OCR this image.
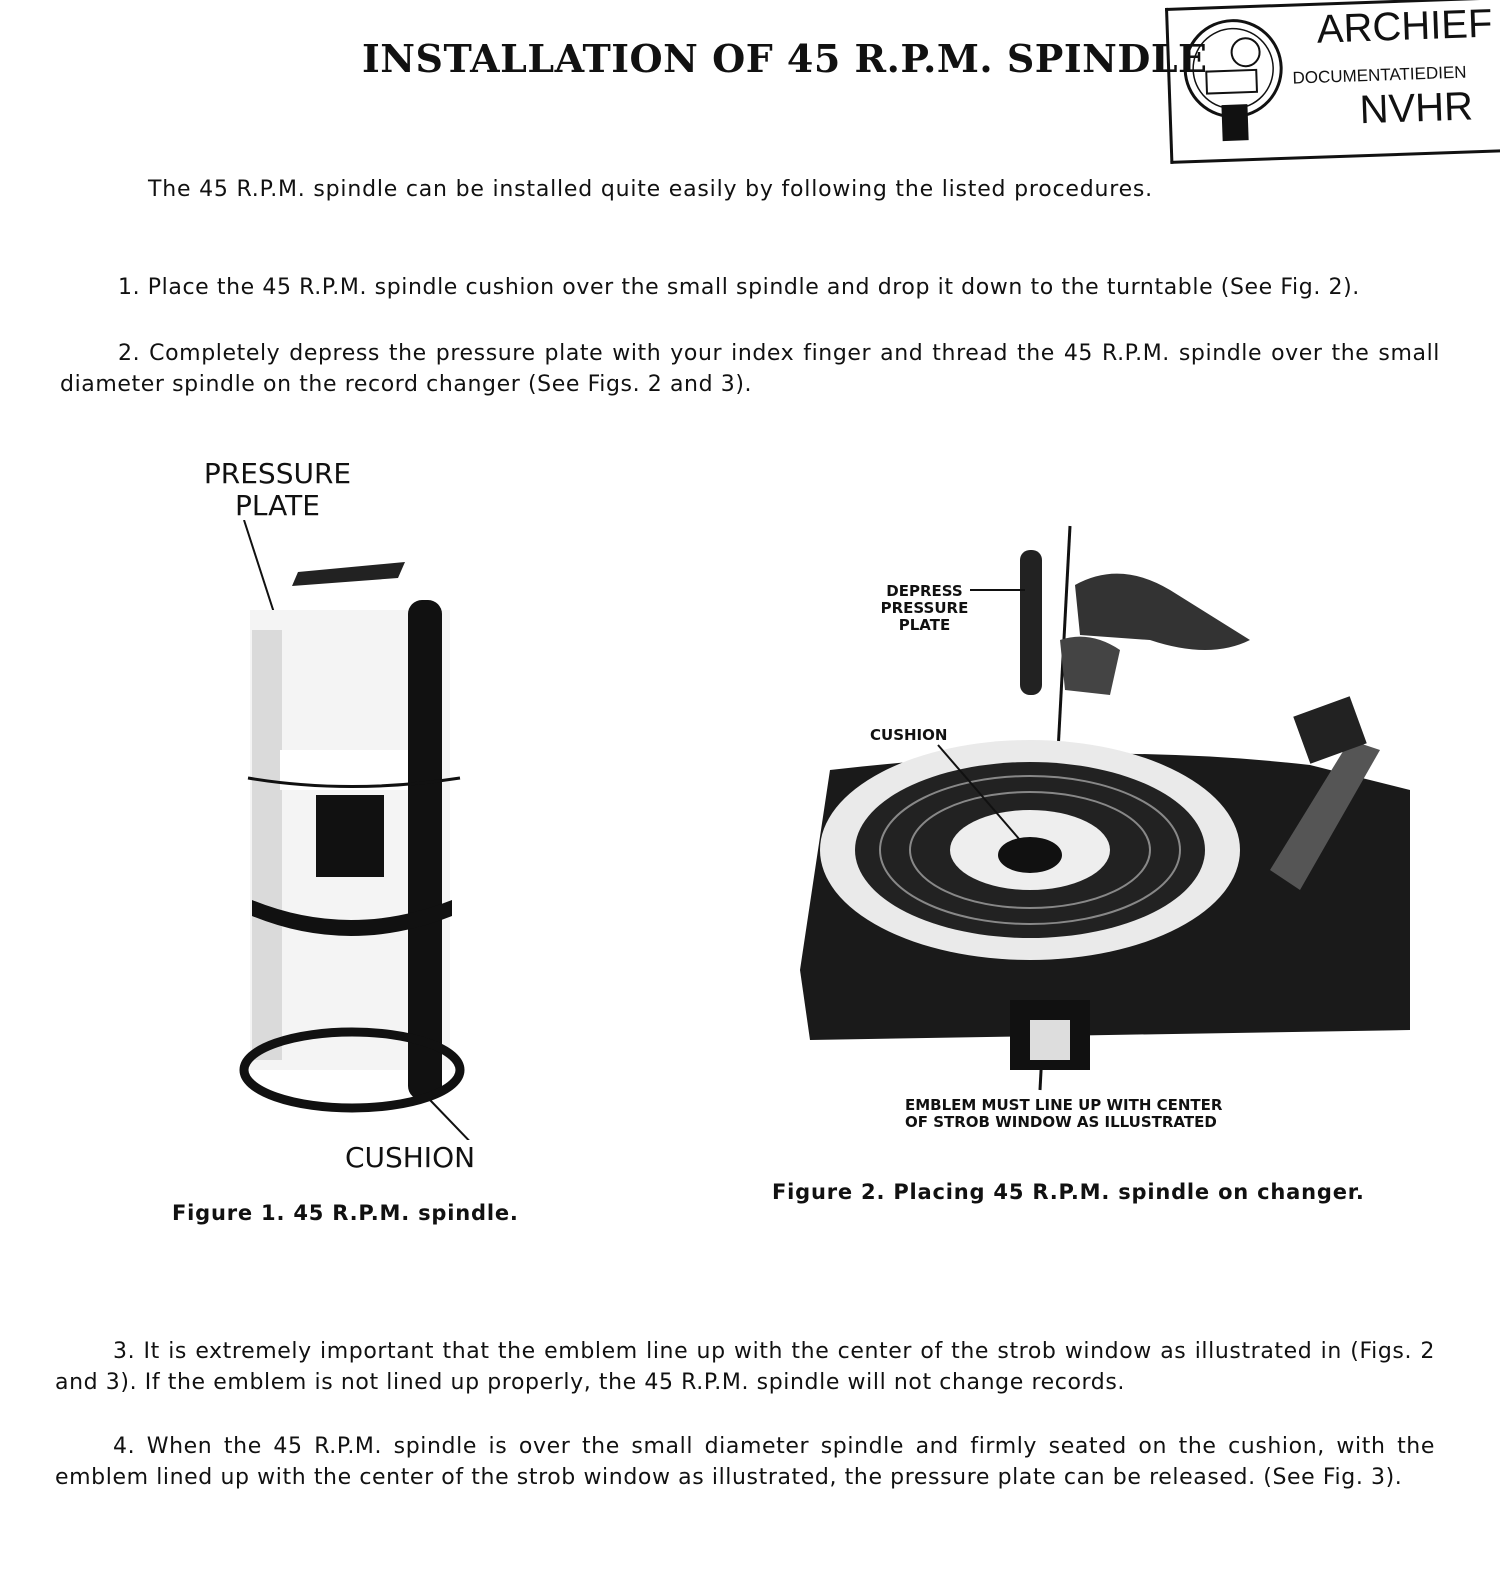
INSTALLATION OF 45 R.P.M. SPINDLE
ARCHIEF
DOCUMENTATIEDIEN
NVHR
The 45 R.P.M. spindle can be installed quite easily by following the listed procedures.
1. Place the 45 R.P.M. spindle cushion over the small spindle and drop it down to the turntable (See Fig. 2).
2. Completely depress the pressure plate with your index finger and thread the 45 R.P.M. spindle over the small diameter spindle on the record changer (See Figs. 2 and 3).
PRESSURE
PLATE
CUSHION
Figure 1. 45 R.P.M. spindle.
DEPRESS
PRESSURE
PLATE
CUSHION
EMBLEM MUST LINE UP WITH CENTER
OF STROB WINDOW AS ILLUSTRATED
Figure 2. Placing 45 R.P.M. spindle on changer.
3. It is extremely important that the emblem line up with the center of the strob window as illustrated in (Figs. 2 and 3). If the emblem is not lined up properly, the 45 R.P.M. spindle will not change records.
4. When the 45 R.P.M. spindle is over the small diameter spindle and firmly seated on the cushion, with the emblem lined up with the center of the strob window as illustrated, the pressure plate can be released. (See Fig. 3).
